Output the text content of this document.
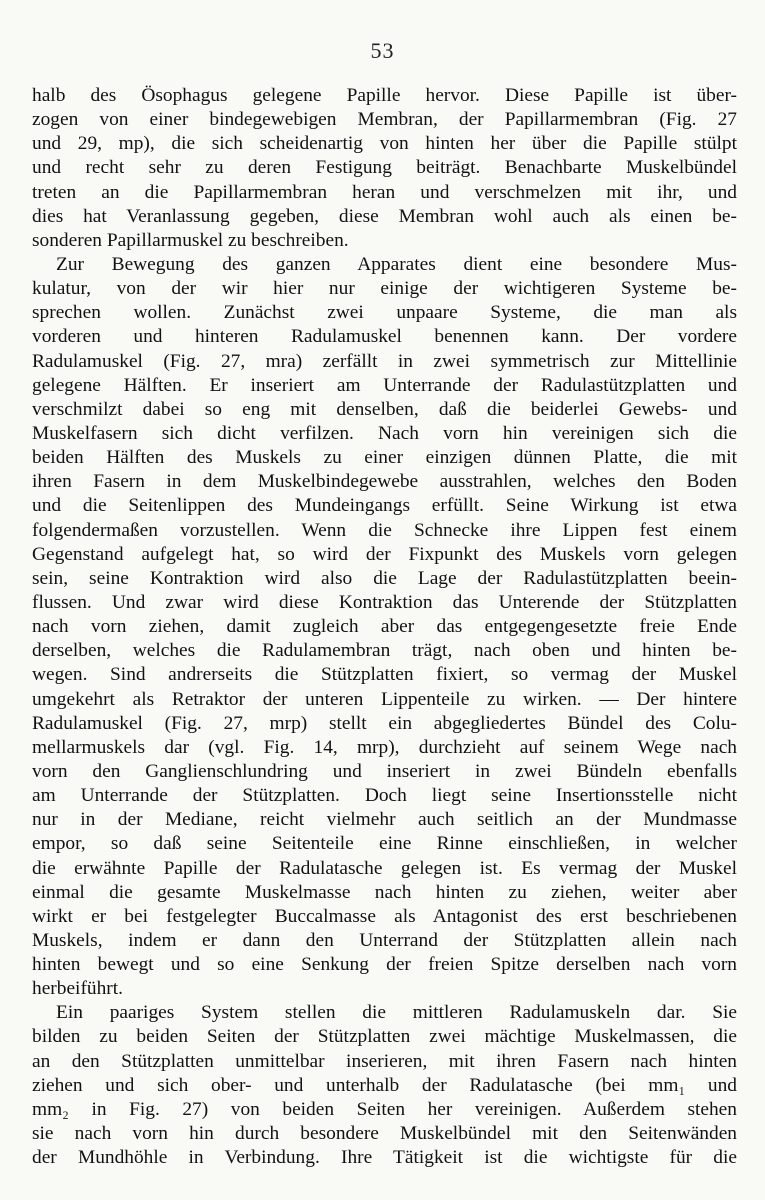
53
halb des Ösophagus gelegene Papille hervor. Diese Papille ist über-
zogen von einer bindegewebigen Membran, der Papillarmembran (Fig. 27
und 29, mp), die sich scheidenartig von hinten her über die Papille stülpt
und recht sehr zu deren Festigung beiträgt. Benachbarte Muskelbündel
treten an die Papillarmembran heran und verschmelzen mit ihr, und
dies hat Veranlassung gegeben, diese Membran wohl auch als einen be-
sonderen Papillarmuskel zu beschreiben.
Zur Bewegung des ganzen Apparates dient eine besondere Mus-
kulatur, von der wir hier nur einige der wichtigeren Systeme be-
sprechen wollen. Zunächst zwei unpaare Systeme, die man als
vorderen und hinteren Radulamuskel benennen kann. Der vordere
Radulamuskel (Fig. 27, mra) zerfällt in zwei symmetrisch zur Mittellinie
gelegene Hälften. Er inseriert am Unterrande der Radulastützplatten und
verschmilzt dabei so eng mit denselben, daß die beiderlei Gewebs- und
Muskelfasern sich dicht verfilzen. Nach vorn hin vereinigen sich die
beiden Hälften des Muskels zu einer einzigen dünnen Platte, die mit
ihren Fasern in dem Muskelbindegewebe ausstrahlen, welches den Boden
und die Seitenlippen des Mundeingangs erfüllt. Seine Wirkung ist etwa
folgendermaßen vorzustellen. Wenn die Schnecke ihre Lippen fest einem
Gegenstand aufgelegt hat, so wird der Fixpunkt des Muskels vorn gelegen
sein, seine Kontraktion wird also die Lage der Radulastützplatten beein-
flussen. Und zwar wird diese Kontraktion das Unterende der Stützplatten
nach vorn ziehen, damit zugleich aber das entgegengesetzte freie Ende
derselben, welches die Radulamembran trägt, nach oben und hinten be-
wegen. Sind andrerseits die Stützplatten fixiert, so vermag der Muskel
umgekehrt als Retraktor der unteren Lippenteile zu wirken. — Der hintere
Radulamuskel (Fig. 27, mrp) stellt ein abgegliedertes Bündel des Colu-
mellarmuskels dar (vgl. Fig. 14, mrp), durchzieht auf seinem Wege nach
vorn den Ganglienschlundring und inseriert in zwei Bündeln ebenfalls
am Unterrande der Stützplatten. Doch liegt seine Insertionsstelle nicht
nur in der Mediane, reicht vielmehr auch seitlich an der Mundmasse
empor, so daß seine Seitenteile eine Rinne einschließen, in welcher
die erwähnte Papille der Radulatasche gelegen ist. Es vermag der Muskel
einmal die gesamte Muskelmasse nach hinten zu ziehen, weiter aber
wirkt er bei festgelegter Buccalmasse als Antagonist des erst beschriebenen
Muskels, indem er dann den Unterrand der Stützplatten allein nach
hinten bewegt und so eine Senkung der freien Spitze derselben nach vorn
herbeiführt.
Ein paariges System stellen die mittleren Radulamuskeln dar. Sie
bilden zu beiden Seiten der Stützplatten zwei mächtige Muskelmassen, die
an den Stützplatten unmittelbar inserieren, mit ihren Fasern nach hinten
ziehen und sich ober- und unterhalb der Radulatasche (bei mm₁ und
mm₂ in Fig. 27) von beiden Seiten her vereinigen. Außerdem stehen
sie nach vorn hin durch besondere Muskelbündel mit den Seitenwänden
der Mundhöhle in Verbindung. Ihre Tätigkeit ist die wichtigste für die
